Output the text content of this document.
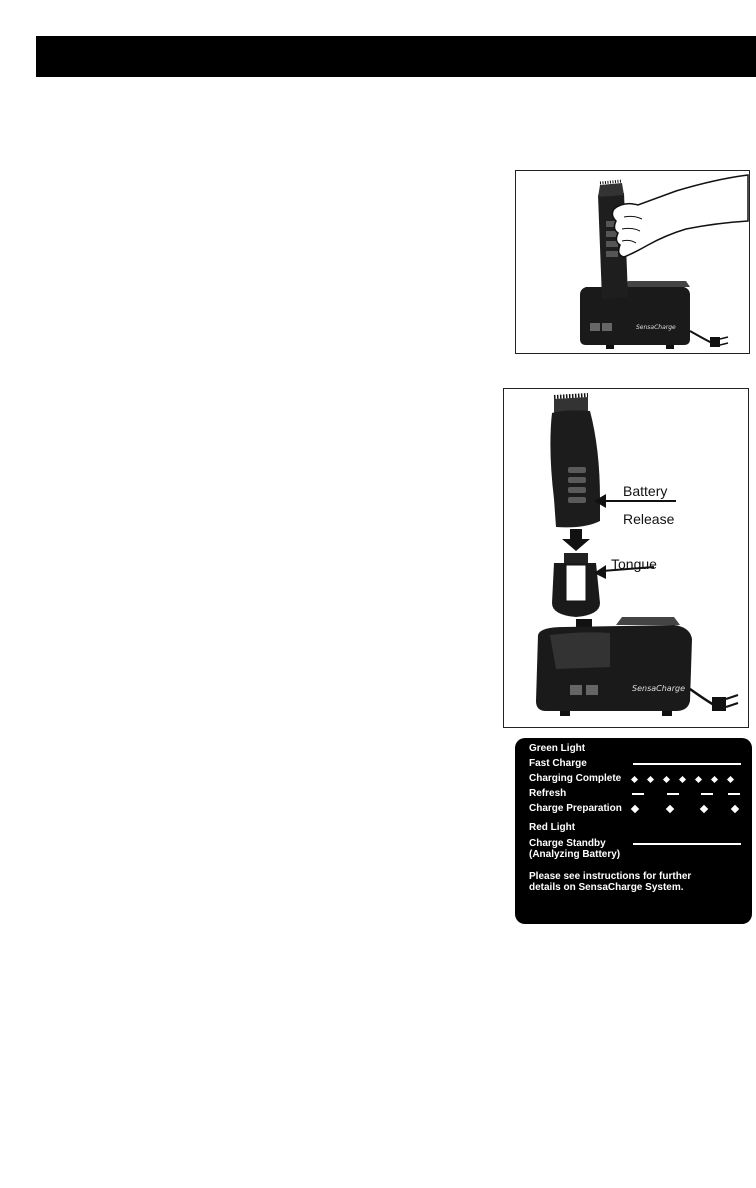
SensaCharge
SensaCharge
Battery
Release
Tongue
Green Light
Fast Charge
Charging Complete
Refresh
Charge Preparation
Red Light
Charge Standby
(Analyzing Battery)
Please see instructions for further
details on SensaCharge System.
